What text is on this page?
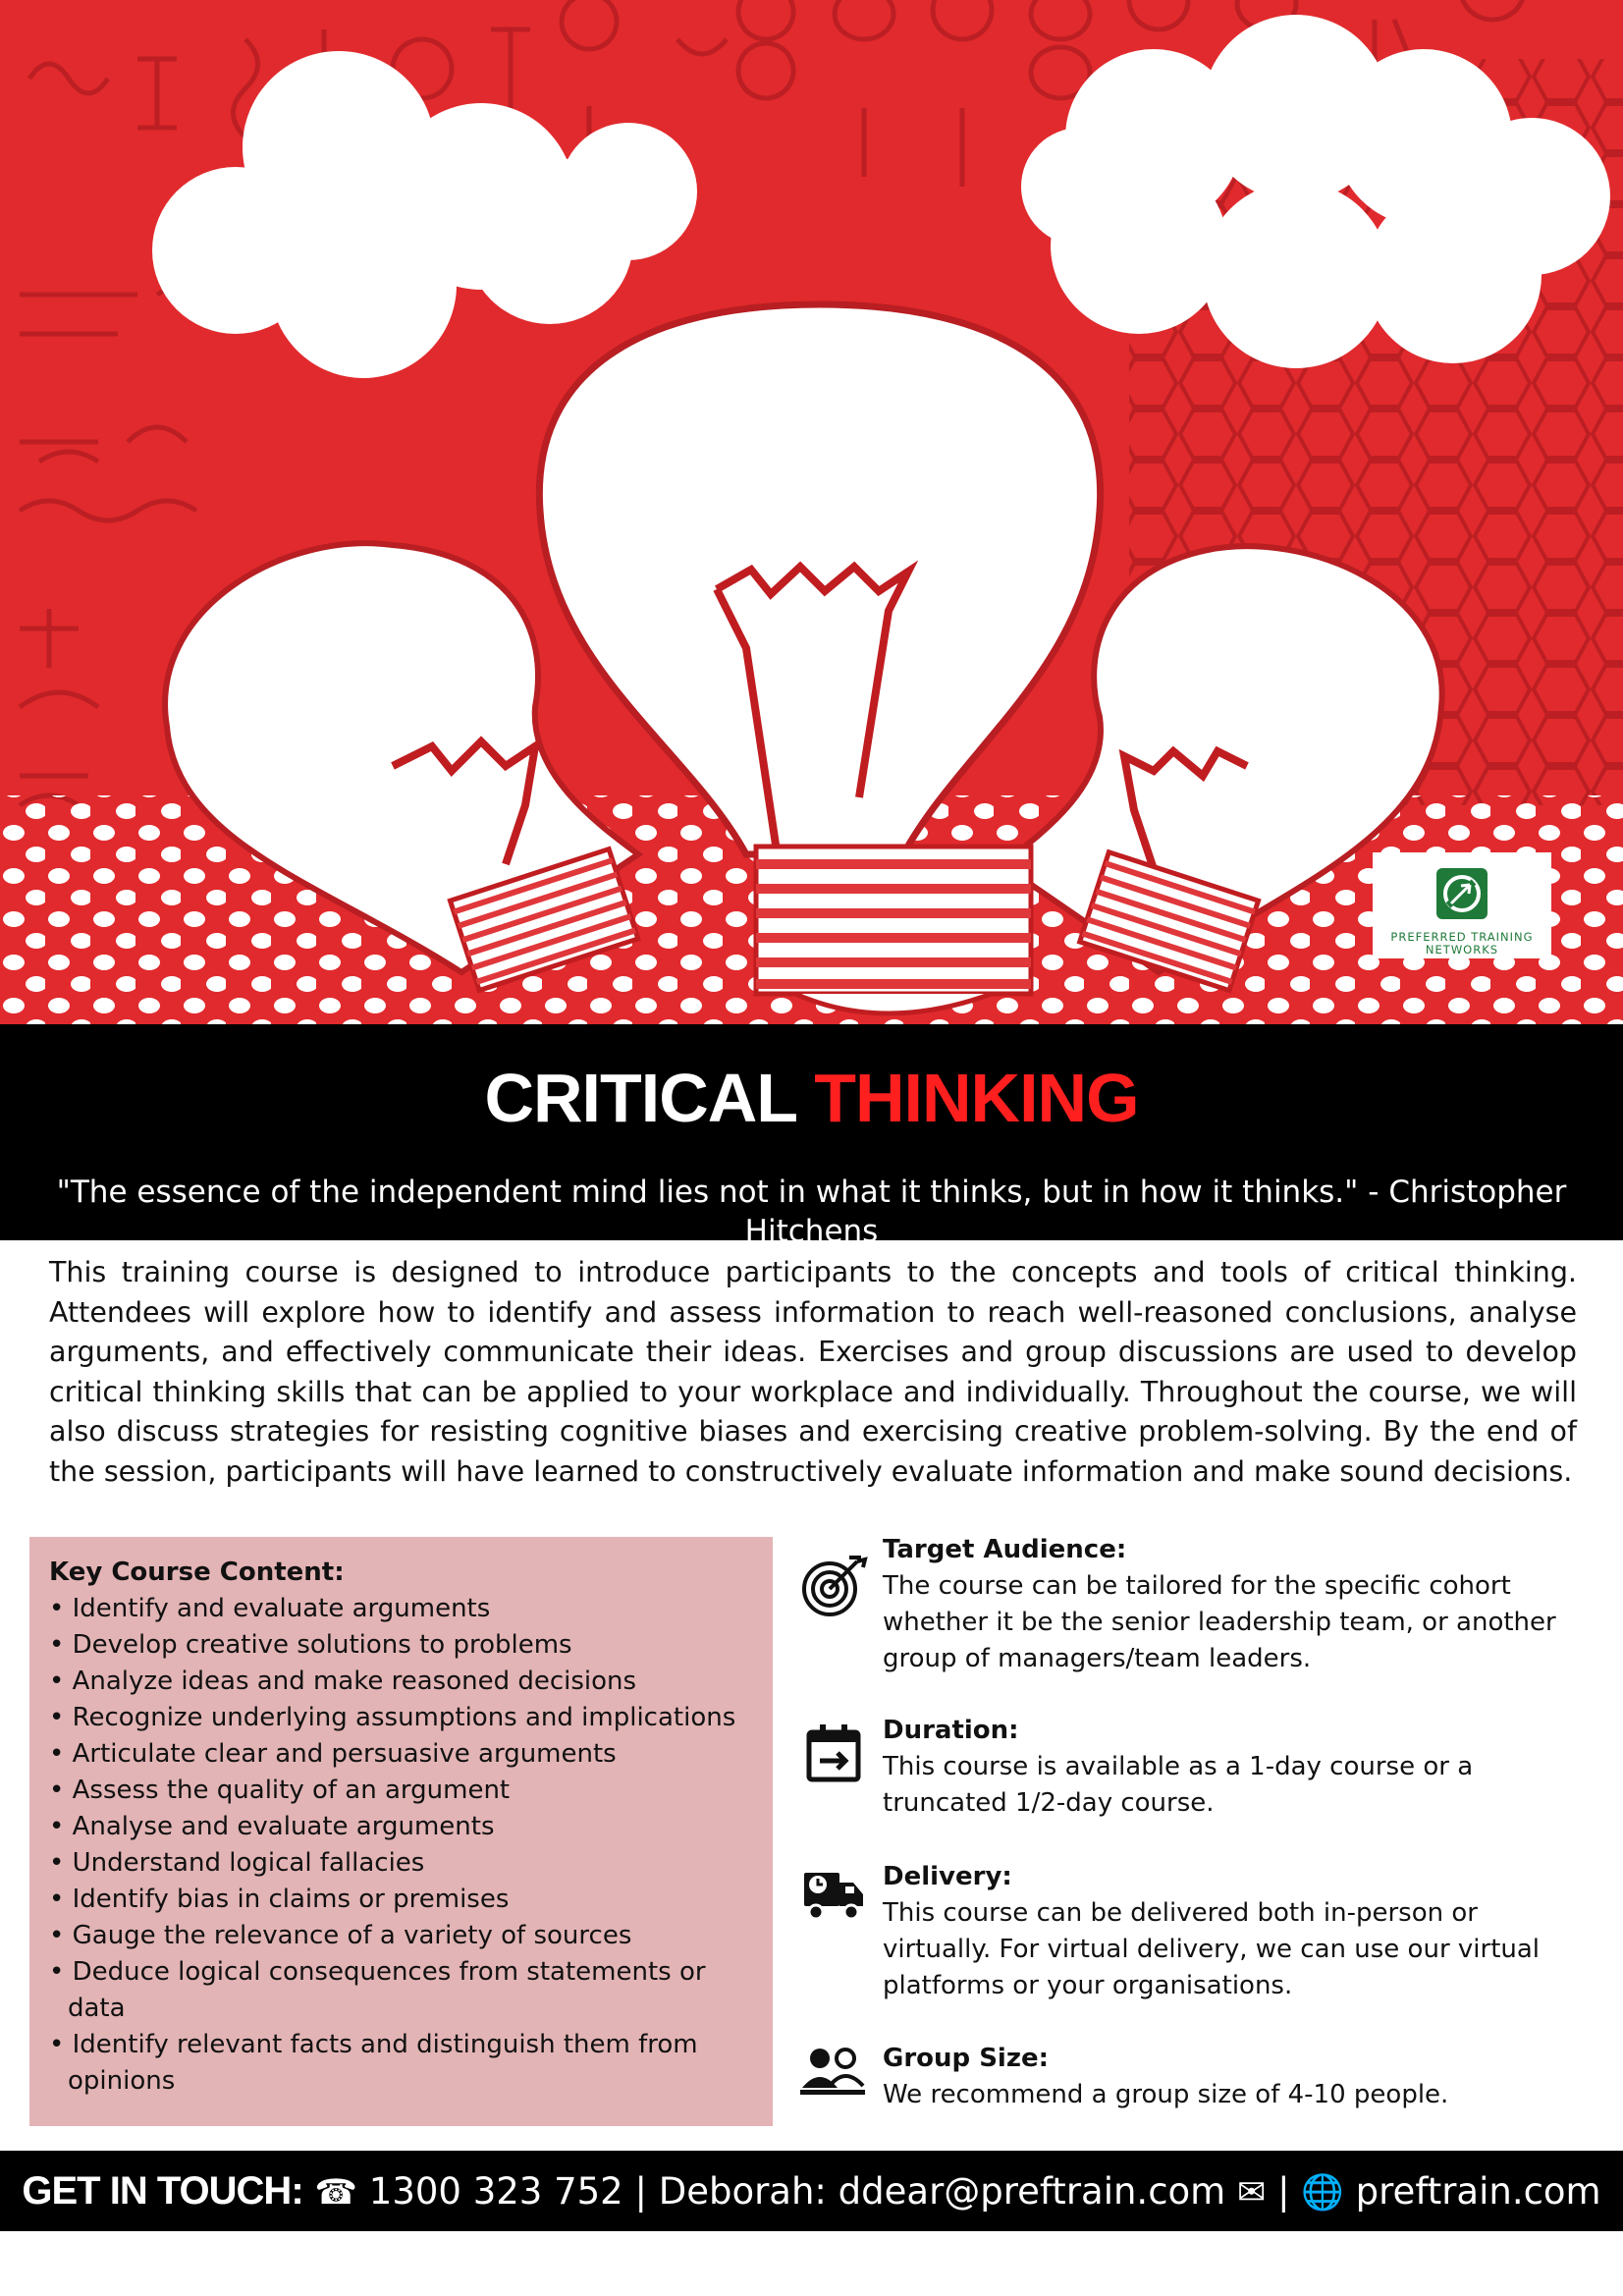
PREFERRED TRAINING NETWORKS
CRITICAL THINKING

"The essence of the independent mind lies not in what it thinks, but in how it thinks." - Christopher Hitchens

This training course is designed to introduce participants to the concepts and tools of critical thinking. Attendees will explore how to identify and assess information to reach well-reasoned conclusions, analyse arguments, and effectively communicate their ideas. Exercises and group discussions are used to develop critical thinking skills that can be applied to your workplace and individually. Throughout the course, we will also discuss strategies for resisting cognitive biases and exercising creative problem-solving. By the end of the session, participants will have learned to constructively evaluate information and make sound decisions.

Key Course Content:
• Identify and evaluate arguments
• Develop creative solutions to problems
• Analyze ideas and make reasoned decisions
• Recognize underlying assumptions and implications
• Articulate clear and persuasive arguments
• Assess the quality of an argument
• Analyse and evaluate arguments
• Understand logical fallacies
• Identify bias in claims or premises
• Gauge the relevance of a variety of sources
• Deduce logical consequences from statements or data
• Identify relevant facts and distinguish them from opinions
Target Audience:
The course can be tailored for the specific cohort whether it be the senior leadership team, or another group of managers/team leaders.
Duration:
This course is available as a 1-day course or a truncated 1/2-day course.
Delivery:
This course can be delivered both in-person or virtually. For virtual delivery, we can use our virtual platforms or your organisations.
Group Size:
We recommend a group size of 4-10 people.
GET IN TOUCH: ☎ 1300 323 752 | Deborah: ddear@preftrain.com ✉ | 🌐 preftrain.com
